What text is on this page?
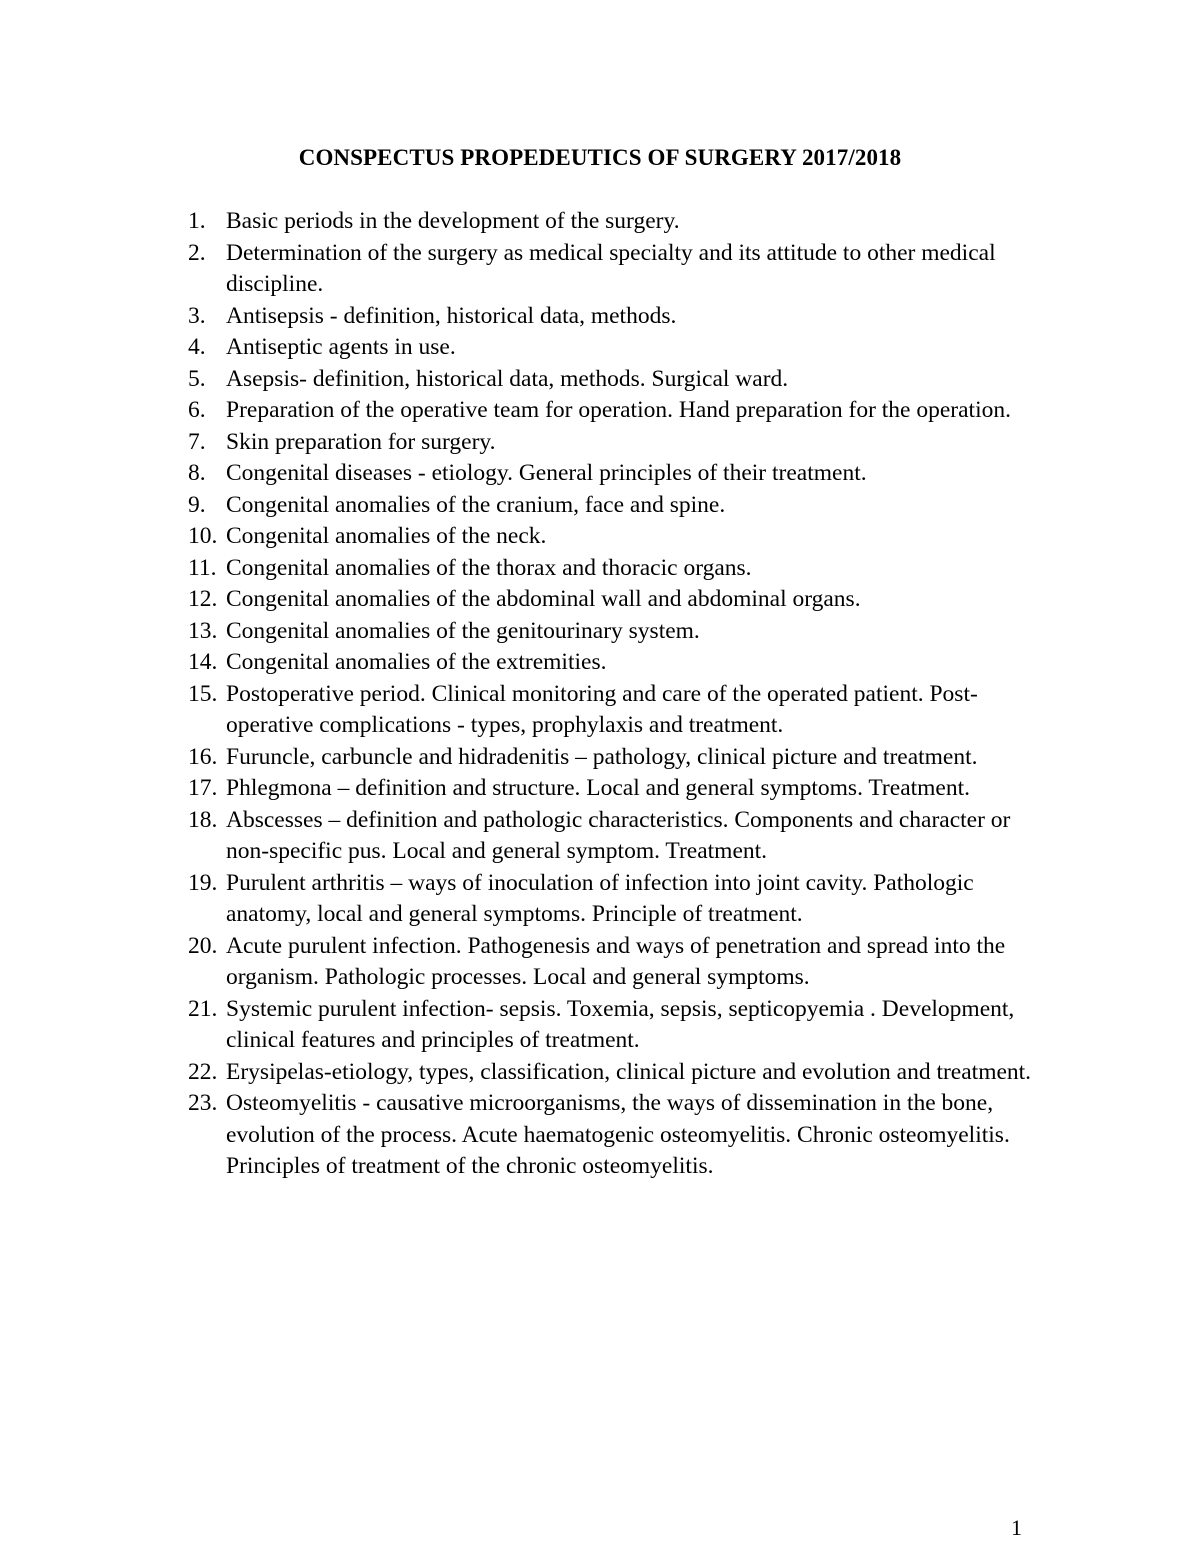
CONSPECTUS PROPEDEUTICS OF SURGERY 2017/2018
1. Basic periods in the development of the surgery.
2. Determination of the surgery as medical specialty and its attitude to other medical discipline.
3. Antisepsis - definition, historical data, methods.
4. Antiseptic agents in use.
5. Asepsis- definition, historical data, methods. Surgical ward.
6. Preparation of the operative team for operation. Hand preparation for the operation.
7. Skin preparation for surgery.
8. Congenital diseases - etiology. General principles of their treatment.
9. Congenital anomalies of the cranium, face and spine.
10. Congenital anomalies of the neck.
11. Congenital anomalies of the thorax and thoracic organs.
12. Congenital anomalies of the abdominal wall and abdominal organs.
13. Congenital anomalies of the genitourinary system.
14. Congenital anomalies of the extremities.
15. Postoperative period. Clinical monitoring and care of the operated patient. Post-operative complications - types, prophylaxis and treatment.
16. Furuncle, carbuncle and hidradenitis – pathology, clinical picture and treatment.
17. Phlegmona – definition and structure. Local and general symptoms. Treatment.
18. Abscesses – definition and pathologic characteristics. Components and character or non-specific pus. Local and general symptom. Treatment.
19. Purulent arthritis – ways of inoculation of infection into joint cavity. Pathologic anatomy, local and general symptoms. Principle of treatment.
20. Acute purulent infection. Pathogenesis and ways of penetration and spread into the organism. Pathologic processes. Local and general symptoms.
21. Systemic purulent infection- sepsis. Toxemia, sepsis, septicopyemia . Development, clinical features and principles of treatment.
22. Erysipelas-etiology, types, classification, clinical picture and evolution and treatment.
23. Osteomyelitis - causative microorganisms, the ways of dissemination in the bone, evolution of the process. Acute haematogenic osteomyelitis. Chronic osteomyelitis. Principles of treatment of the chronic osteomyelitis.
1
